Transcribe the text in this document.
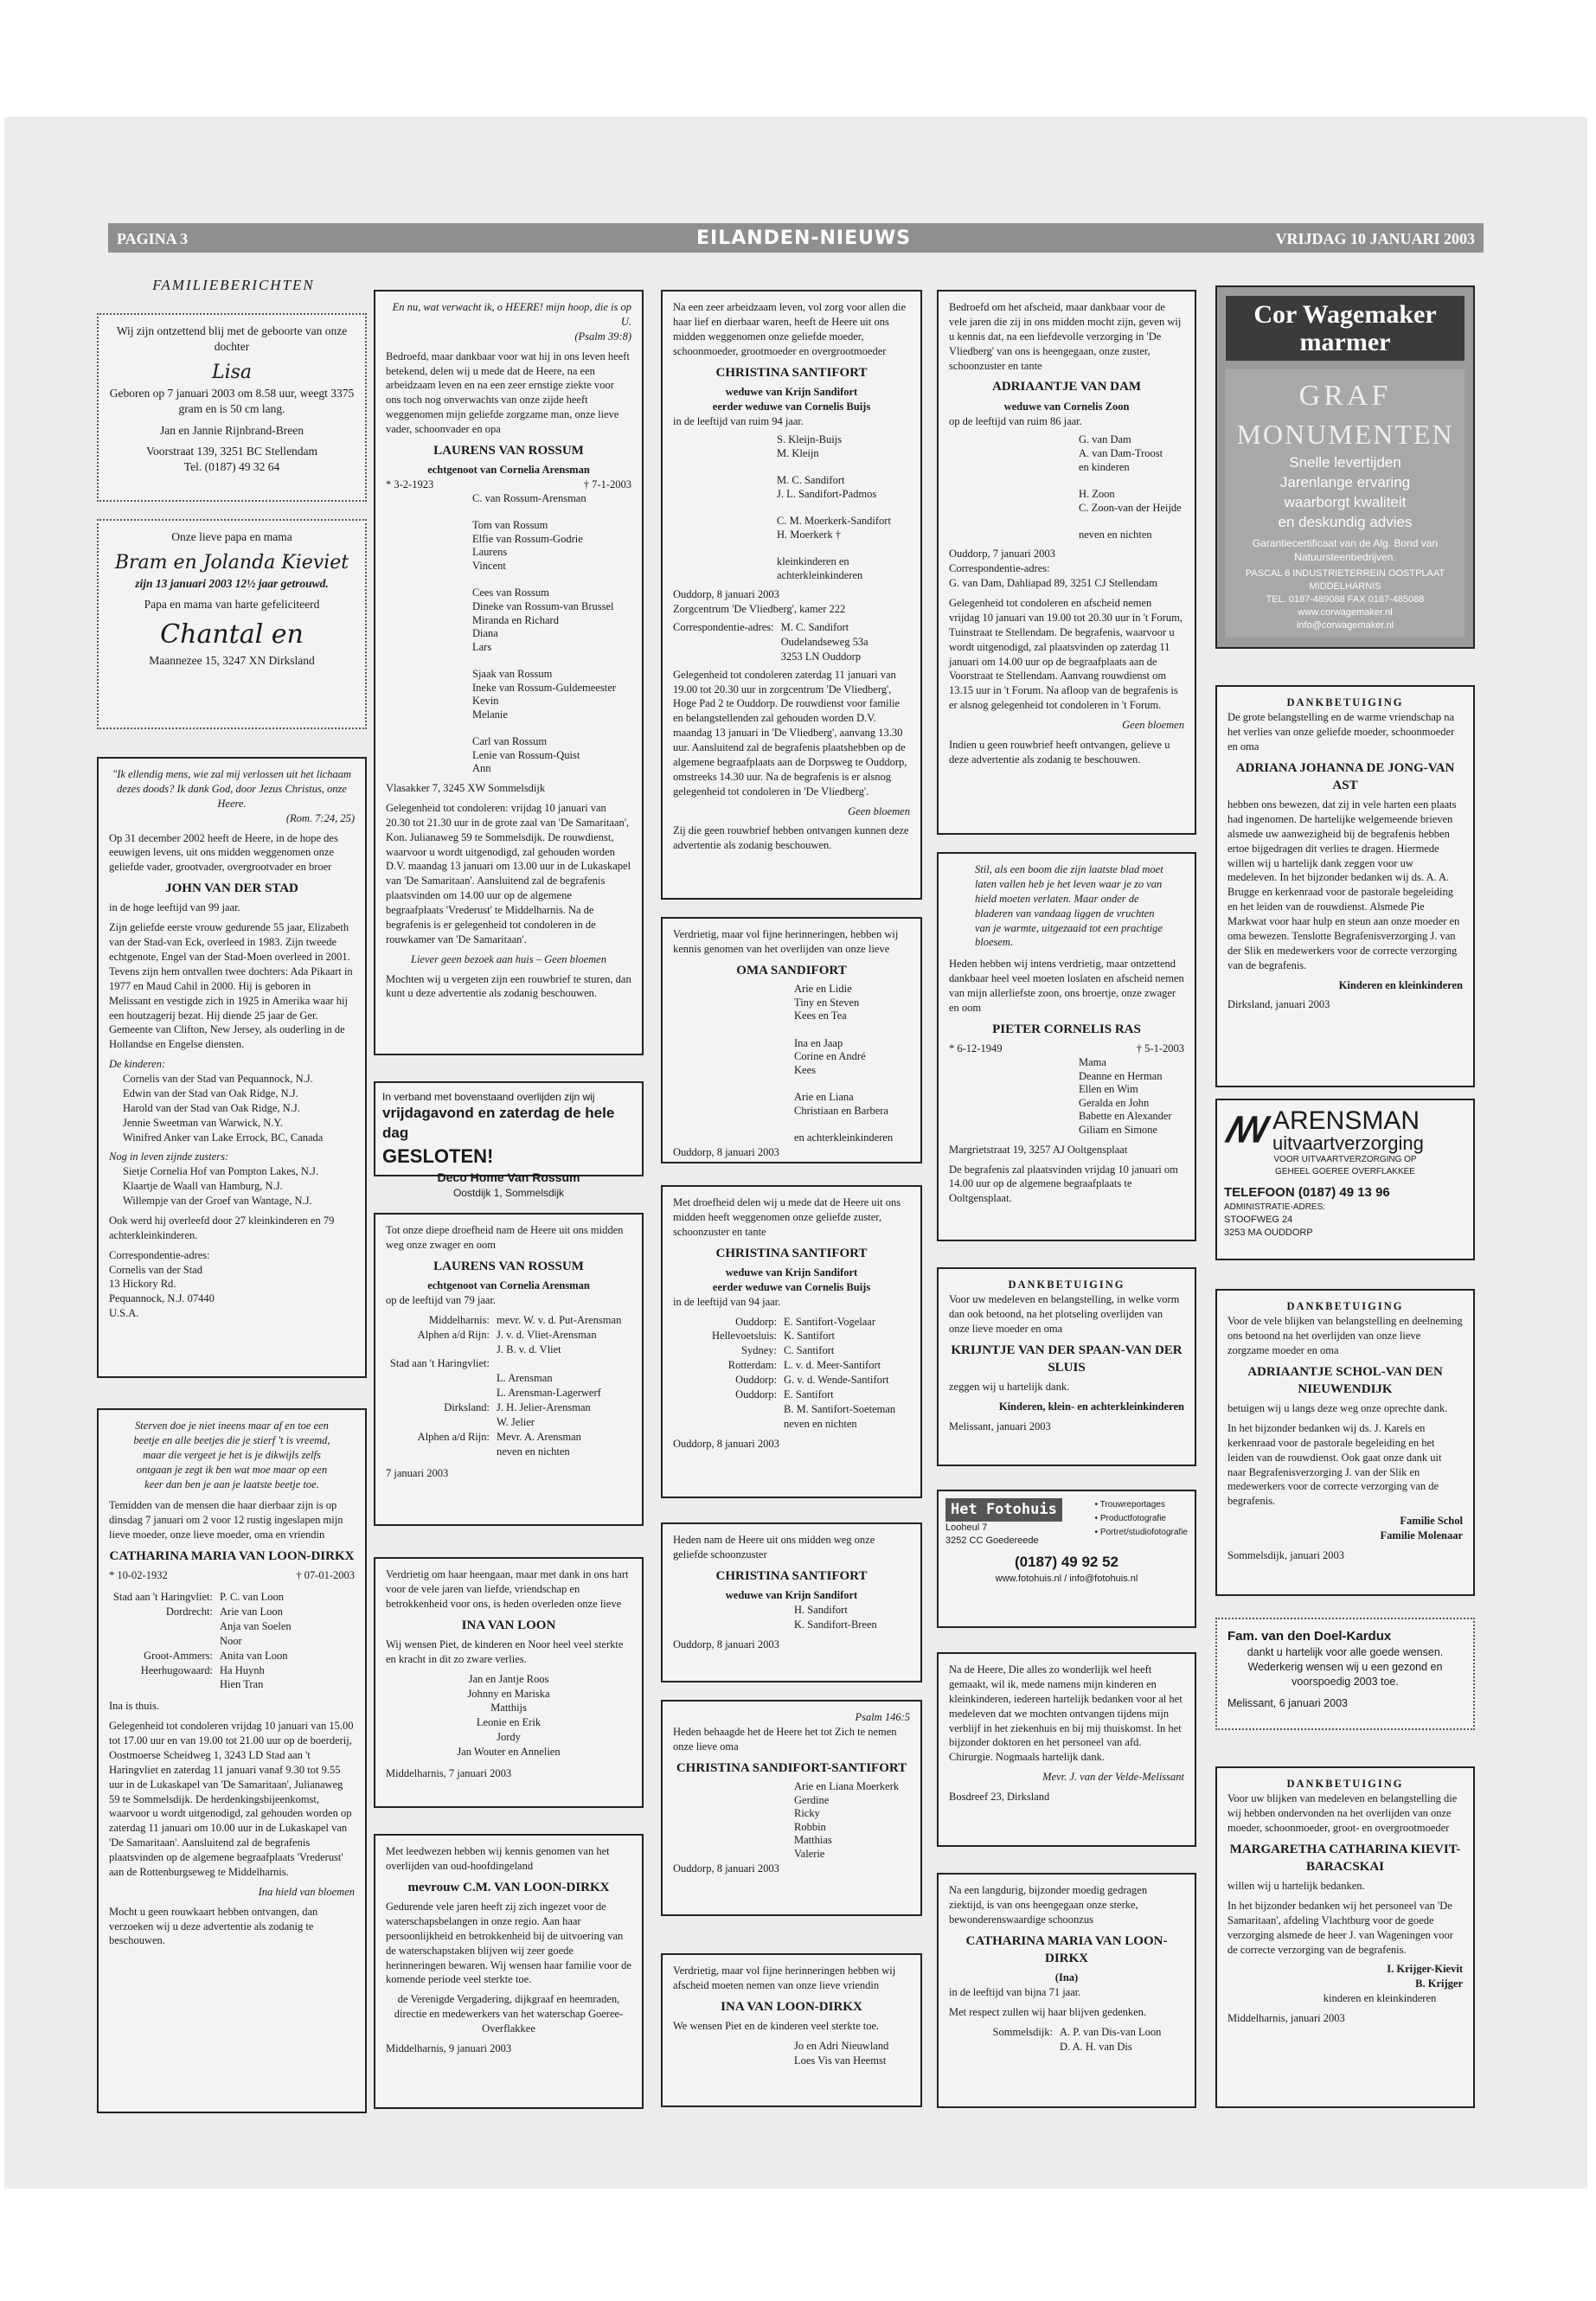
PAGINA 3	EILANDEN-NIEUWS	VRIJDAG 10 JANUARI 2003
FAMILIEBERICHTEN

Wij zijn ontzettend blij met de geboorte van onze dochter

Lisa

Geboren op 7 januari 2003 om 8.58 uur, weegt 3375 gram en is 50 cm lang.

Jan en Jannie Rijnbrand-Breen

Voorstraat 139, 3251 BC Stellendam

Tel. (0187) 49 32 64

Onze lieve papa en mama

Bram en Jolanda Kieviet

zijn 13 januari 2003 12½ jaar getrouwd.

Papa en mama van harte gefeliciteerd

Chantal en

Maannezee 15, 3247 XN Dirksland

"Ik ellendig mens, wie zal mij verlossen uit het lichaam dezes doods? Ik dank God, door Jezus Christus, onze Heere.

(Rom. 7:24, 25)

Op 31 december 2002 heeft de Heere, in de hope des eeuwigen levens, uit ons midden weggenomen onze geliefde vader, grootvader, overgrootvader en broer

JOHN VAN DER STAD

in de hoge leeftijd van 99 jaar.

Zijn geliefde eerste vrouw gedurende 55 jaar, Elizabeth van der Stad-van Eck, overleed in 1983. Zijn tweede echtgenote, Engel van der Stad-Moen overleed in 2001. Tevens zijn hem ontvallen twee dochters: Ada Pikaart in 1977 en Maud Cahil in 2000. Hij is geboren in Melissant en vestigde zich in 1925 in Amerika waar hij een houtzagerij bezat. Hij diende 25 jaar de Ger. Gemeente van Clifton, New Jersey, als ouderling in de Hollandse en Engelse diensten.

De kinderen:
Cornelis van der Stad van Pequannock, N.J.
Edwin van der Stad van Oak Ridge, N.J.
Harold van der Stad van Oak Ridge, N.J.
Jennie Sweetman van Warwick, N.Y.
Winifred Anker van Lake Errock, BC, Canada
Nog in leven zijnde zusters:
Sietje Cornelia Hof van Pompton Lakes, N.J.
Klaartje de Waall van Hamburg, N.J.
Willempje van der Groef van Wantage, N.J.

Ook werd hij overleefd door 27 kleinkinderen en 79 achterkleinkinderen.

Correspondentie-adres:
Cornelis van der Stad
13 Hickory Rd.
Pequannock, N.J. 07440
U.S.A.

Sterven doe je niet ineens maar af en toe een beetje en alle beetjes die je stierf 't is vreemd, maar die vergeet je het is je dikwijls zelfs ontgaan je zegt ik ben wat moe maar op een keer dan ben je aan je laatste beetje toe.

Temidden van de mensen die haar dierbaar zijn is op dinsdag 7 januari om 2 voor 12 rustig ingeslapen mijn lieve moeder, onze lieve moeder, oma en vriendin

CATHARINA MARIA VAN LOON-DIRKX
* 10-02-1932	† 07-01-2003
Stad aan 't Haringvliet: P. C. van Loon
Dordrecht: Arie van Loon
Anja van Soelen
Noor
Groot-Ammers: Anita van Loon
Heerhugowaard: Ha Huynh
Hien Tran

Ina is thuis.

Gelegenheid tot condoleren vrijdag 10 januari van 15.00 tot 17.00 uur en van 19.00 tot 21.00 uur op de boerderij, Oostmoerse Scheidweg 1, 3243 LD Stad aan 't Haringvliet en zaterdag 11 januari vanaf 9.30 tot 9.55 uur in de Lukaskapel van 'De Samaritaan', Julianaweg 59 te Sommelsdijk. De herdenkingsbijeenkomst, waarvoor u wordt uitgenodigd, zal gehouden worden op zaterdag 11 januari om 10.00 uur in de Lukaskapel van 'De Samaritaan'. Aansluitend zal de begrafenis plaatsvinden op de algemene begraafplaats 'Vrederust' aan de Rottenburgseweg te Middelharnis.

Ina hield van bloemen

Mocht u geen rouwkaart hebben ontvangen, dan verzoeken wij u deze advertentie als zodanig te beschouwen.

En nu, wat verwacht ik, o HEERE! mijn hoop, die is op U.

(Psalm 39:8)

Bedroefd, maar dankbaar voor wat hij in ons leven heeft betekend, delen wij u mede dat de Heere, na een arbeidzaam leven en na een zeer ernstige ziekte voor ons toch nog onverwachts van onze zijde heeft weggenomen mijn geliefde zorgzame man, onze lieve vader, schoonvader en opa

LAURENS VAN ROSSUM
echtgenoot van Cornelia Arensman
* 3-2-1923	† 7-1-2003
C. van Rossum-Arensman

Tom van Rossum
Elfie van Rossum-Godrie
Laurens
Vincent

Cees van Rossum
Dineke van Rossum-van Brussel
Miranda en Richard
Diana
Lars

Sjaak van Rossum
Ineke van Rossum-Guldemeester
Kevin
Melanie

Carl van Rossum
Lenie van Rossum-Quist
Ann

Vlasakker 7, 3245 XW Sommelsdijk

Gelegenheid tot condoleren: vrijdag 10 januari van 20.30 tot 21.30 uur in de grote zaal van 'De Samaritaan', Kon. Julianaweg 59 te Sommelsdijk. De rouwdienst, waarvoor u wordt uitgenodigd, zal gehouden worden D.V. maandag 13 januari om 13.00 uur in de Lukaskapel van 'De Samaritaan'. Aansluitend zal de begrafenis plaatsvinden om 14.00 uur op de algemene begraafplaats 'Vrederust' te Middelharnis. Na de begrafenis is er gelegenheid tot condoleren in de rouwkamer van 'De Samaritaan'.

Liever geen bezoek aan huis – Geen bloemen

Mochten wij u vergeten zijn een rouwbrief te sturen, dan kunt u deze advertentie als zodanig beschouwen.

In verband met bovenstaand overlijden zijn wij
vrijdagavond en zaterdag de hele dag
GESLOTEN!
Deco Home Van Rossum
Oostdijk 1, Sommelsdijk

Tot onze diepe droefheid nam de Heere uit ons midden weg onze zwager en oom

LAURENS VAN ROSSUM
echtgenoot van Cornelia Arensman

op de leeftijd van 79 jaar.

Middelharnis: mevr. W. v. d. Put-Arensman
Alphen a/d Rijn: J. v. d. Vliet-Arensman
J. B. v. d. Vliet
Stad aan 't Haringvliet:
L. Arensman
L. Arensman-Lagerwerf
Dirksland: J. H. Jelier-Arensman
W. Jelier
Alphen a/d Rijn: Mevr. A. Arensman
neven en nichten

7 januari 2003

Verdrietig om haar heengaan, maar met dank in ons hart voor de vele jaren van liefde, vriendschap en betrokkenheid voor ons, is heden overleden onze lieve

INA VAN LOON

Wij wensen Piet, de kinderen en Noor heel veel sterkte en kracht in dit zo zware verlies.

Jan en Jantje Roos
Johnny en Mariska
Matthijs
Leonie en Erik
Jordy
Jan Wouter en Annelien

Middelharnis, 7 januari 2003

Met leedwezen hebben wij kennis genomen van het overlijden van oud-hoofdingeland

mevrouw C.M. VAN LOON-DIRKX

Gedurende vele jaren heeft zij zich ingezet voor de waterschapsbelangen in onze regio. Aan haar persoonlijkheid en betrokkenheid bij de uitvoering van de waterschapstaken blijven wij zeer goede herinneringen bewaren. Wij wensen haar familie voor de komende periode veel sterkte toe.

de Verenigde Vergadering, dijkgraaf en heemraden, directie en medewerkers van het waterschap Goeree-Overflakkee

Middelharnis, 9 januari 2003

Na een zeer arbeidzaam leven, vol zorg voor allen die haar lief en dierbaar waren, heeft de Heere uit ons midden weggenomen onze geliefde moeder, schoonmoeder, grootmoeder en overgrootmoeder

CHRISTINA SANTIFORT
weduwe van Krijn Sandifort
eerder weduwe van Cornelis Buijs

in de leeftijd van ruim 94 jaar.

S. Kleijn-Buijs
M. Kleijn

M. C. Sandifort
J. L. Sandifort-Padmos

C. M. Moerkerk-Sandifort
H. Moerkerk †

kleinkinderen en
achterkleinkinderen
Ouddorp, 8 januari 2003
Zorgcentrum 'De Vliedberg', kamer 222
Correspondentie-adres: M. C. Sandifort
Oudelandseweg 53a
3253 LN Ouddorp

Gelegenheid tot condoleren zaterdag 11 januari van 19.00 tot 20.30 uur in zorgcentrum 'De Vliedberg', Hoge Pad 2 te Ouddorp. De rouwdienst voor familie en belangstellenden zal gehouden worden D.V. maandag 13 januari in 'De Vliedberg', aanvang 13.30 uur. Aansluitend zal de begrafenis plaatshebben op de algemene begraafplaats aan de Dorpsweg te Ouddorp, omstreeks 14.30 uur. Na de begrafenis is er alsnog gelegenheid tot condoleren in 'De Vliedberg'.

Geen bloemen

Zij die geen rouwbrief hebben ontvangen kunnen deze advertentie als zodanig beschouwen.

Verdrietig, maar vol fijne herinneringen, hebben wij kennis genomen van het overlijden van onze lieve

OMA SANDIFORT
Arie en Lidie
Tiny en Steven
Kees en Tea

Ina en Jaap
Corine en André
Kees

Arie en Liana
Christiaan en Barbera

en achterkleinkinderen

Ouddorp, 8 januari 2003

Met droefheid delen wij u mede dat de Heere uit ons midden heeft weggenomen onze geliefde zuster, schoonzuster en tante

CHRISTINA SANTIFORT
weduwe van Krijn Sandifort
eerder weduwe van Cornelis Buijs

in de leeftijd van 94 jaar.

Ouddorp: E. Santifort-Vogelaar
Hellevoetsluis: K. Santifort
Sydney: C. Santifort
Rotterdam: L. v. d. Meer-Santifort
Ouddorp: G. v. d. Wende-Santifort
Ouddorp: E. Santifort
B. M. Santifort-Soeteman
neven en nichten

Ouddorp, 8 januari 2003

Heden nam de Heere uit ons midden weg onze geliefde schoonzuster

CHRISTINA SANTIFORT
weduwe van Krijn Sandifort
H. Sandifort
K. Sandifort-Breen

Ouddorp, 8 januari 2003

Psalm 146:5

Heden behaagde het de Heere het tot Zich te nemen onze lieve oma

CHRISTINA SANDIFORT-SANTIFORT
Arie en Liana Moerkerk
Gerdine
Ricky
Robbin
Matthias
Valerie

Ouddorp, 8 januari 2003

Verdrietig, maar vol fijne herinneringen hebben wij afscheid moeten nemen van onze lieve vriendin

INA VAN LOON-DIRKX

We wensen Piet en de kinderen veel sterkte toe.

Jo en Adri Nieuwland
Loes Vis van Heemst

Bedroefd om het afscheid, maar dankbaar voor de vele jaren die zij in ons midden mocht zijn, geven wij u kennis dat, na een liefdevolle verzorging in 'De Vliedberg' van ons is heengegaan, onze zuster, schoonzuster en tante

ADRIAANTJE VAN DAM
weduwe van Cornelis Zoon

op de leeftijd van ruim 86 jaar.

G. van Dam
A. van Dam-Troost
en kinderen

H. Zoon
C. Zoon-van der Heijde

neven en nichten
Ouddorp, 7 januari 2003
Correspondentie-adres:

G. van Dam, Dahliapad 89, 3251 CJ Stellendam

Gelegenheid tot condoleren en afscheid nemen vrijdag 10 januari van 19.00 tot 20.30 uur in 't Forum, Tuinstraat te Stellendam. De begrafenis, waarvoor u wordt uitgenodigd, zal plaatsvinden op zaterdag 11 januari om 14.00 uur op de begraafplaats aan de Voorstraat te Stellendam. Aanvang rouwdienst om 13.15 uur in 't Forum. Na afloop van de begrafenis is er alsnog gelegenheid tot condoleren in 't Forum.

Geen bloemen

Indien u geen rouwbrief heeft ontvangen, gelieve u deze advertentie als zodanig te beschouwen.

Stil, als een boom die zijn laatste blad moet laten vallen heb je het leven waar je zo van hield moeten verlaten. Maar onder de bladeren van vandaag liggen de vruchten van je warmte, uitgezaaid tot een prachtige bloesem.

Heden hebben wij intens verdrietig, maar ontzettend dankbaar heel veel moeten loslaten en afscheid nemen van mijn allerliefste zoon, ons broertje, onze zwager en oom

PIETER CORNELIS RAS
* 6-12-1949	† 5-1-2003
Mama
Deanne en Herman
Ellen en Wim
Geralda en John
Babette en Alexander
Giliam en Simone

Margrietstraat 19, 3257 AJ Ooltgensplaat

De begrafenis zal plaatsvinden vrijdag 10 januari om 14.00 uur op de algemene begraafplaats te Ooltgensplaat.

DANKBETUIGING

Voor uw medeleven en belangstelling, in welke vorm dan ook betoond, na het plotseling overlijden van onze lieve moeder en oma

KRIJNTJE VAN DER SPAAN-VAN DER SLUIS

zeggen wij u hartelijk dank.

Kinderen, klein- en achterkleinkinderen

Melissant, januari 2003

Het Fotohuis
Looheul 7
3252 CC Goedereede
• Trouwreportages
• Productfotografie
• Portret/studiofotografie
(0187) 49 92 52
www.fotohuis.nl / info@fotohuis.nl

Na de Heere, Die alles zo wonderlijk wel heeft gemaakt, wil ik, mede namens mijn kinderen en kleinkinderen, iedereen hartelijk bedanken voor al het medeleven dat we mochten ontvangen tijdens mijn verblijf in het ziekenhuis en bij mij thuiskomst. In het bijzonder doktoren en het personeel van afd. Chirurgie. Nogmaals hartelijk dank.

Mevr. J. van der Velde-Melissant

Bosdreef 23, Dirksland

Na een langdurig, bijzonder moedig gedragen ziektijd, is van ons heengegaan onze sterke, bewonderenswaardige schoonzus

CATHARINA MARIA VAN LOON-DIRKX
(Ina)

in de leeftijd van bijna 71 jaar.

Met respect zullen wij haar blijven gedenken.

Sommelsdijk: A. P. van Dis-van Loon
D. A. H. van Dis
Cor Wagemaker marmer
GRAF
MONUMENTEN
Snelle levertijden
Jarenlange ervaring
waarborgt kwaliteit
en deskundig advies
Garantiecertificaat van de Alg. Bond van Natuursteenbedrijven.
PASCAL 6 INDUSTRIETERREIN OOSTPLAAT MIDDELHARNIS
TEL. 0187-489088 FAX 0187-485088
www.corwagemaker.nl
info@corwagemaker.nl
DANKBETUIGING

De grote belangstelling en de warme vriendschap na het verlies van onze geliefde moeder, schoonmoeder en oma

ADRIANA JOHANNA DE JONG-VAN AST

hebben ons bewezen, dat zij in vele harten een plaats had ingenomen. De hartelijke welgemeende brieven alsmede uw aanwezigheid bij de begrafenis hebben ertoe bijgedragen dit verlies te dragen. Hiermede willen wij u hartelijk dank zeggen voor uw medeleven. In het bijzonder bedanken wij ds. A. A. Brugge en kerkenraad voor de pastorale begeleiding en het leiden van de rouwdienst. Alsmede Pie Markwat voor haar hulp en steun aan onze moeder en oma bewezen. Tenslotte Begrafenisverzorging J. van der Slik en medewerkers voor de correcte verzorging van de begrafenis.

Kinderen en kleinkinderen

Dirksland, januari 2003

ꟿ ARENSMAN
uitvaartverzorging
VOOR UITVAARTVERZORGING OP
GEHEEL GOEREE OVERFLAKKEE
TELEFOON (0187) 49 13 96
ADMINISTRATIE-ADRES:
STOOFWEG 24
3253 MA OUDDORP
DANKBETUIGING

Voor de vele blijken van belangstelling en deelneming ons betoond na het overlijden van onze lieve zorgzame moeder en oma

ADRIAANTJE SCHOL-VAN DEN NIEUWENDIJK

betuigen wij u langs deze weg onze oprechte dank.

In het bijzonder bedanken wij ds. J. Karels en kerkenraad voor de pastorale begeleiding en het leiden van de rouwdienst. Ook gaat onze dank uit naar Begrafenisverzorging J. van der Slik en medewerkers voor de correcte verzorging van de begrafenis.

Familie Schol
Familie Molenaar

Sommelsdijk, januari 2003

Fam. van den Doel-Kardux
dankt u hartelijk voor alle goede wensen.
Wederkerig wensen wij u een gezond en voorspoedig 2003 toe.
Melissant, 6 januari 2003
DANKBETUIGING

Voor uw blijken van medeleven en belangstelling die wij hebben ondervonden na het overlijden van onze moeder, schoonmoeder, groot- en overgrootmoeder

MARGARETHA CATHARINA KIEVIT-BARACSKAI

willen wij u hartelijk bedanken.

In het bijzonder bedanken wij het personeel van 'De Samaritaan', afdeling Vlachtburg voor de goede verzorging alsmede de heer J. van Wageningen voor de correcte verzorging van de begrafenis.

I. Krijger-Kievit
B. Krijger
kinderen en kleinkinderen

Middelharnis, januari 2003
